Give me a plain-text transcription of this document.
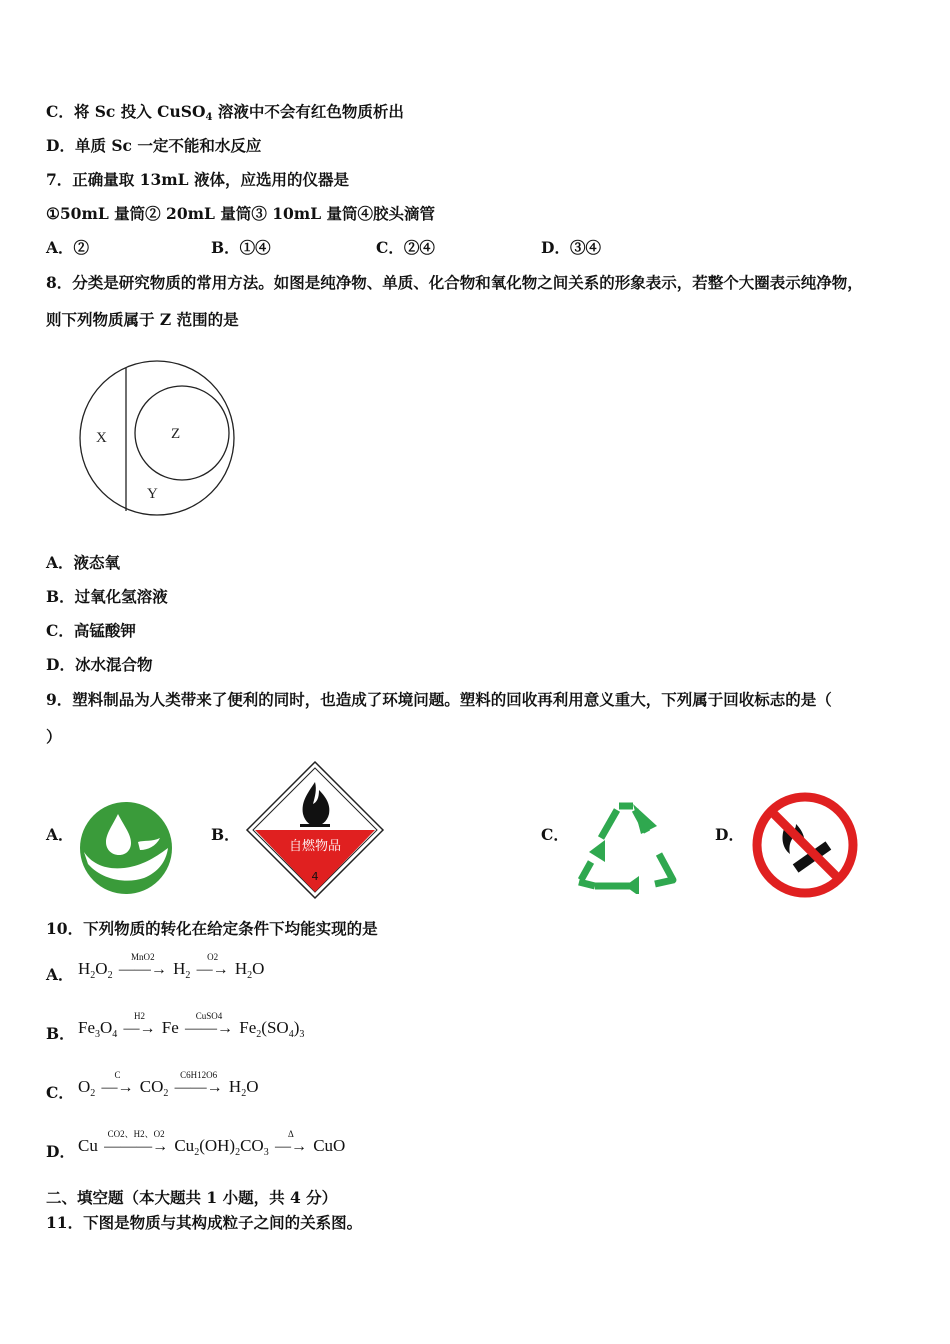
C．将 Sc 投入 CuSO$_4$ 溶液中不会有红色物质析出
D．单质 Sc 一定不能和水反应
7．正确量取 13mL 液体，应选用的仪器是
①50mL 量筒② 20mL 量筒③ 10mL 量筒④胶头滴管
A．②	B．①④	C．②④	D．③④
8．分类是研究物质的常用方法。如图是纯净物、单质、化合物和氧化物之间关系的形象表示，若整个大圈表示纯净物，
则下列物质属于 Z 范围的是
X	Z
Y
A．液态氧
B．过氧化氢溶液
C．高锰酸钾
D．冰水混合物
9．塑料制品为人类带来了便利的同时，也造成了环境问题。塑料的回收再利用意义重大，下列属于回收标志的是（
）
A．	B．
自燃物品
4
C．	D．
10．下列物质的转化在给定条件下均能实现的是
A． $H_2O_2$
MnO2
——→ $H_2$
O2
—→ $H_2O$
B． $Fe_3O_4$
H2
—→ Fe
CuSO4
——→ $Fe_2(SO_4)_3$
C． $O_2$
C
—→ $CO_2$
C6H12O6
——→ $H_2O$
D． Cu
CO2、H2、O2
———→ $Cu_2(OH)_2CO_3$
Δ
—→ CuO
二、填空题（本大题共 1 小题，共 4 分）
11．下图是物质与其构成粒子之间的关系图。
